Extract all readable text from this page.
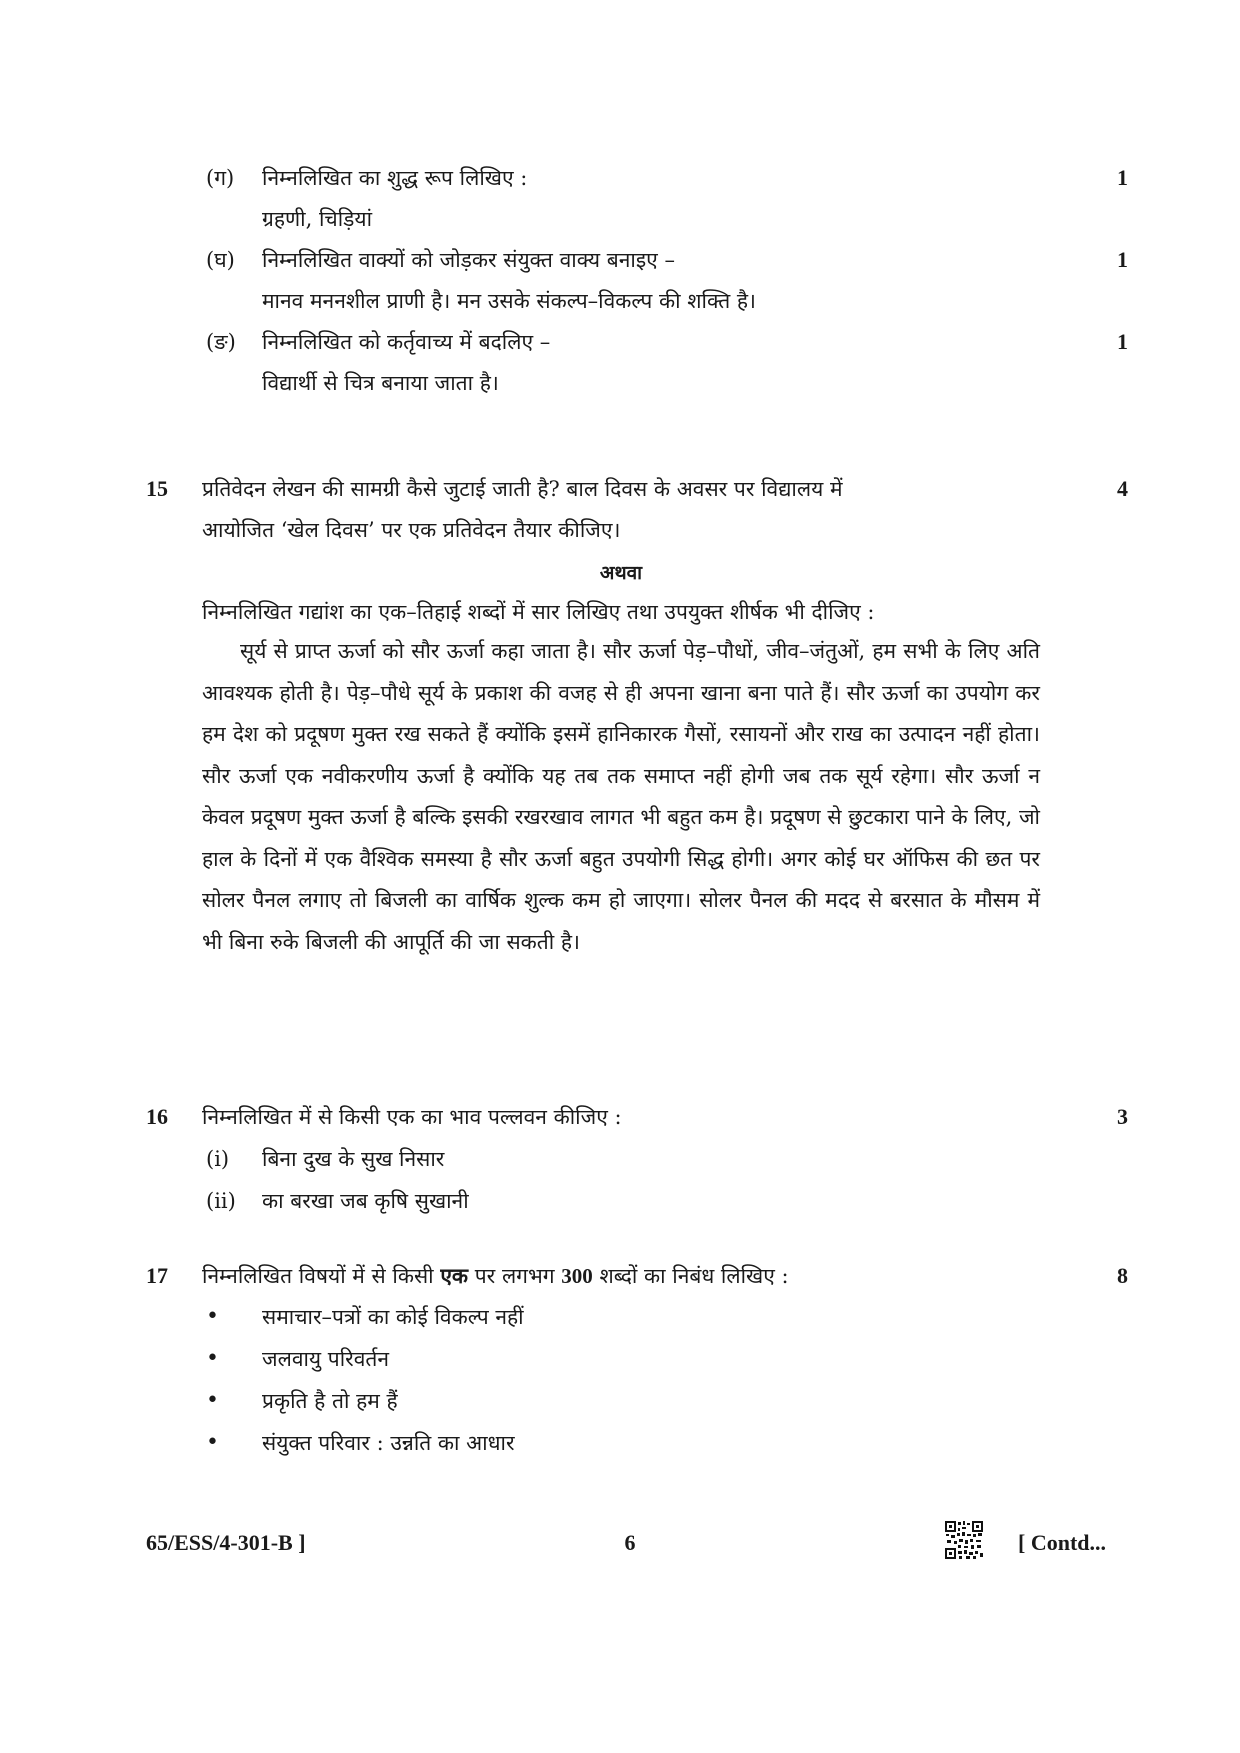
(ग) निम्नलिखित का शुद्ध रूप लिखिए :	1
ग्रहणी, चिड़ियां
(घ) निम्नलिखित वाक्यों को जोड़कर संयुक्त वाक्य बनाइए –	1
मानव मननशील प्राणी है। मन उसके संकल्प–विकल्प की शक्ति है।
(ङ) निम्नलिखित को कर्तृवाच्य में बदलिए –	1
विद्यार्थी से चित्र बनाया जाता है।
15 प्रतिवेदन लेखन की सामग्री कैसे जुटाई जाती है? बाल दिवस के अवसर पर विद्यालय में	4
आयोजित ‘खेल दिवस’ पर एक प्रतिवेदन तैयार कीजिए।
अथवा
निम्नलिखित गद्यांश का एक–तिहाई शब्दों में सार लिखिए तथा उपयुक्त शीर्षक भी दीजिए :

सूर्य से प्राप्त ऊर्जा को सौर ऊर्जा कहा जाता है। सौर ऊर्जा पेड़–पौधों, जीव–जंतुओं, हम सभी के लिए अति आवश्यक होती है। पेड़–पौधे सूर्य के प्रकाश की वजह से ही अपना खाना बना पाते हैं। सौर ऊर्जा का उपयोग कर हम देश को प्रदूषण मुक्त रख सकते हैं क्योंकि इसमें हानिकारक गैसों, रसायनों और राख का उत्पादन नहीं होता। सौर ऊर्जा एक नवीकरणीय ऊर्जा है क्योंकि यह तब तक समाप्त नहीं होगी जब तक सूर्य रहेगा। सौर ऊर्जा न केवल प्रदूषण मुक्त ऊर्जा है बल्कि इसकी रखरखाव लागत भी बहुत कम है। प्रदूषण से छुटकारा पाने के लिए, जो हाल के दिनों में एक वैश्विक समस्या है सौर ऊर्जा बहुत उपयोगी सिद्ध होगी। अगर कोई घर ऑफिस की छत पर सोलर पैनल लगाए तो बिजली का वार्षिक शुल्क कम हो जाएगा। सोलर पैनल की मदद से बरसात के मौसम में भी बिना रुके बिजली की आपूर्ति की जा सकती है।

16 निम्नलिखित में से किसी एक का भाव पल्लवन कीजिए :	3
(i) बिना दुख के सुख निसार
(ii) का बरखा जब कृषि सुखानी
17 निम्नलिखित विषयों में से किसी एक पर लगभग 300 शब्दों का निबंध लिखिए :	8
• समाचार–पत्रों का कोई विकल्प नहीं
• जलवायु परिवर्तन
• प्रकृति है तो हम हैं
• संयुक्त परिवार : उन्नति का आधार
65/ESS/4-301-B ]	6	[ Contd...
